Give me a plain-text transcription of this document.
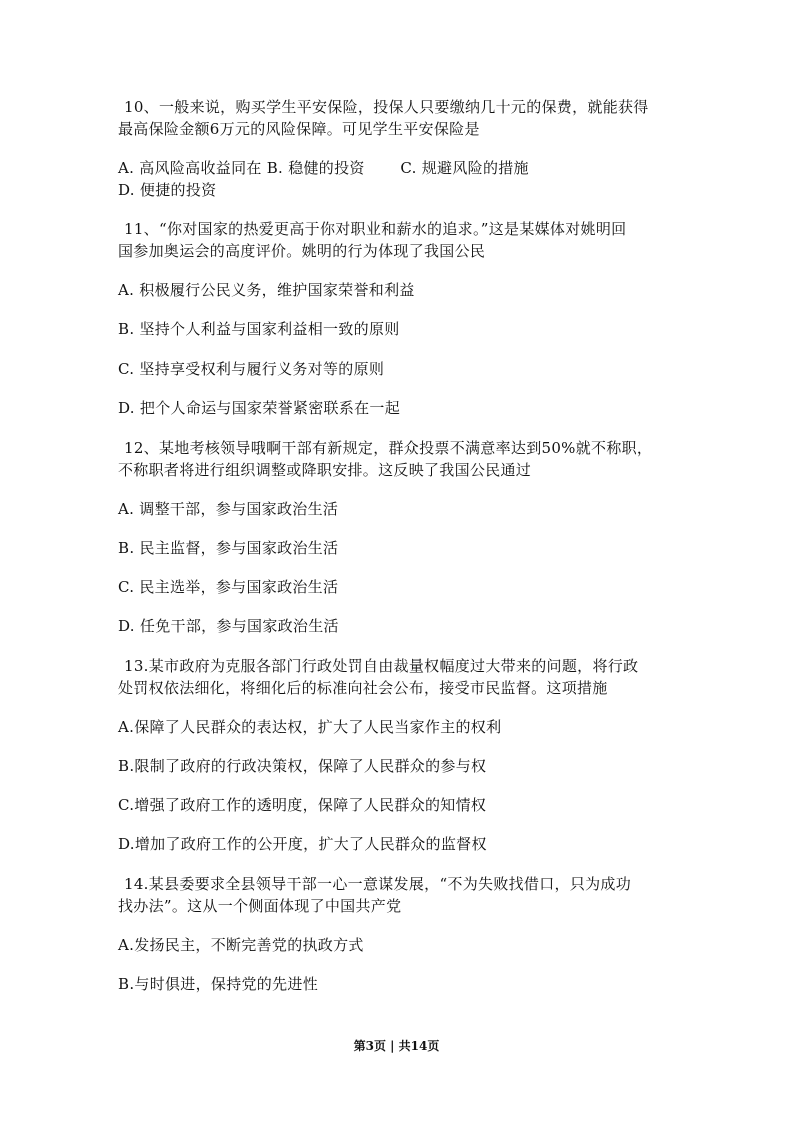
10、一般来说，购买学生平安保险，投保人只要缴纳几十元的保费，就能获得
最高保险金额6万元的风险保障。可见学生平安保险是
A. 高风险高收益同在 B. 稳健的投资 　　C. 规避风险的措施
D. 便捷的投资
11、“你对国家的热爱更高于你对职业和薪水的追求。”这是某媒体对姚明回
国参加奥运会的高度评价。姚明的行为体现了我国公民
A. 积极履行公民义务，维护国家荣誉和利益
B. 坚持个人利益与国家利益相一致的原则
C. 坚持享受权利与履行义务对等的原则
D. 把个人命运与国家荣誉紧密联系在一起
12、某地考核领导哦啊干部有新规定，群众投票不满意率达到50%就不称职，
不称职者将进行组织调整或降职安排。这反映了我国公民通过
A. 调整干部，参与国家政治生活
B. 民主监督，参与国家政治生活
C. 民主选举，参与国家政治生活
D. 任免干部，参与国家政治生活
13.某市政府为克服各部门行政处罚自由裁量权幅度过大带来的问题，将行政
处罚权依法细化，将细化后的标准向社会公布，接受市民监督。这项措施
A.保障了人民群众的表达权，扩大了人民当家作主的权利
B.限制了政府的行政决策权，保障了人民群众的参与权
C.增强了政府工作的透明度，保障了人民群众的知情权
D.增加了政府工作的公开度，扩大了人民群众的监督权
14.某县委要求全县领导干部一心一意谋发展，“不为失败找借口，只为成功
找办法”。这从一个侧面体现了中国共产党
A.发扬民主，不断完善党的执政方式
B.与时俱进，保持党的先进性
第3页 | 共14页
